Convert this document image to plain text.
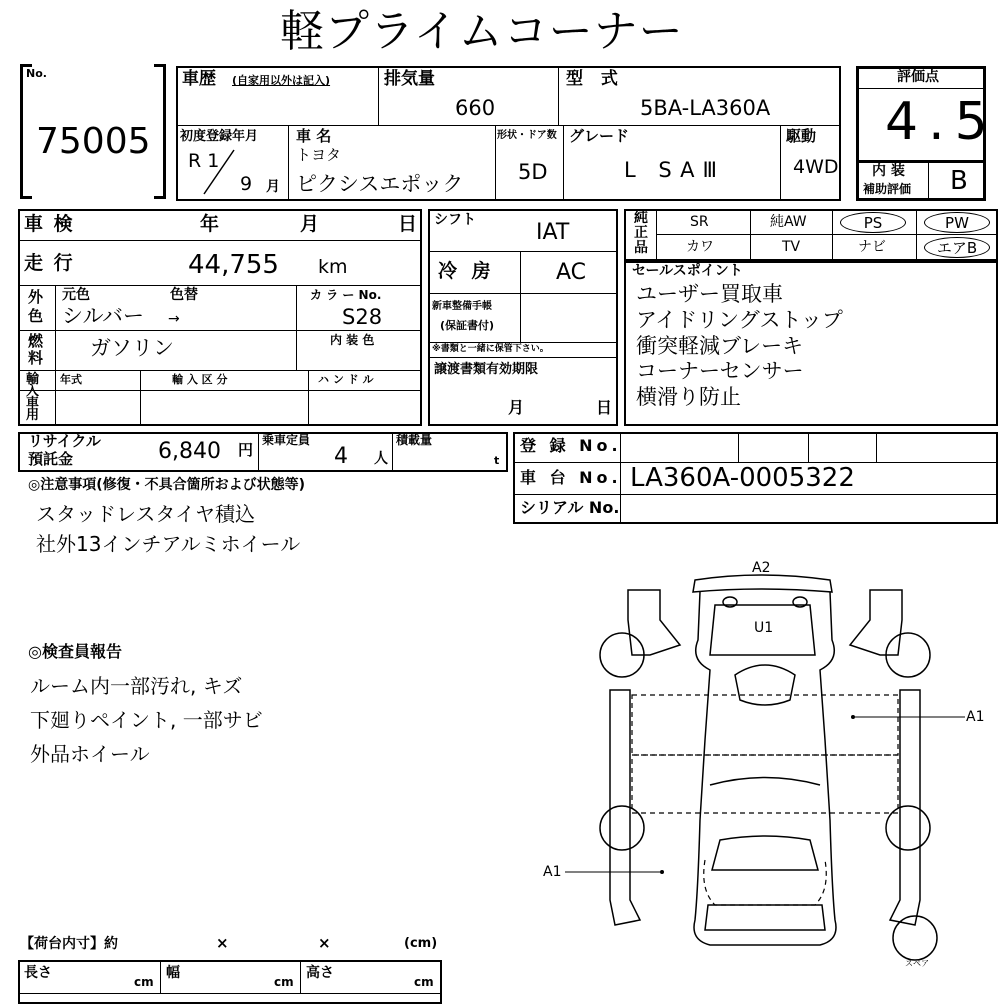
軽プライムコーナー
No.
75005
車歴 (自家用以外は記入)	排気量
660
型 式
5BA-LA360A
初度登録年月
R 1
9 月
車 名
トヨタ
ピクシスエポック
形状・ドア数
5D
グレード
L SAⅢ
駆動
4WD
評価点
4.5
内 装
補助評価 B
車 検	年	月	日
走 行	44,755 km
外
色
元色	色替
シルバー →
カ ラ ー No.
S28
燃
料 ガソリン	内 装 色
輸入車用
年式	輸 入 区 分	ハ ン ド ル
シフト	IAT
冷 房	AC
新車整備手帳
(保証書付)
※書類と一緒に保管下さい。
譲渡書類有効期限
月	日
純正品
SR	純AW	PS	PW
カワ	TV	ナビ	エアB
セールスポイント
ユーザー買取車
アイドリングストップ
衝突軽減ブレーキ
コーナーセンサー
横滑り防止
リサイクル
預託金	6,840 円
乗車定員
4 人
積載量
t
登 録 No.
車 台 No. LA360A-0005322
シリアル No.
◎注意事項(修復・不具合箇所および状態等)
スタッドレスタイヤ積込
社外13インチアルミホイール
◎検査員報告
ルーム内一部汚れ, キズ
下廻りペイント, 一部サビ
外品ホイール
A2
U1
A1
A1
スペア
【荷台内寸】約	×	×	(cm)
長さ
cm
幅
cm
高さ
cm
